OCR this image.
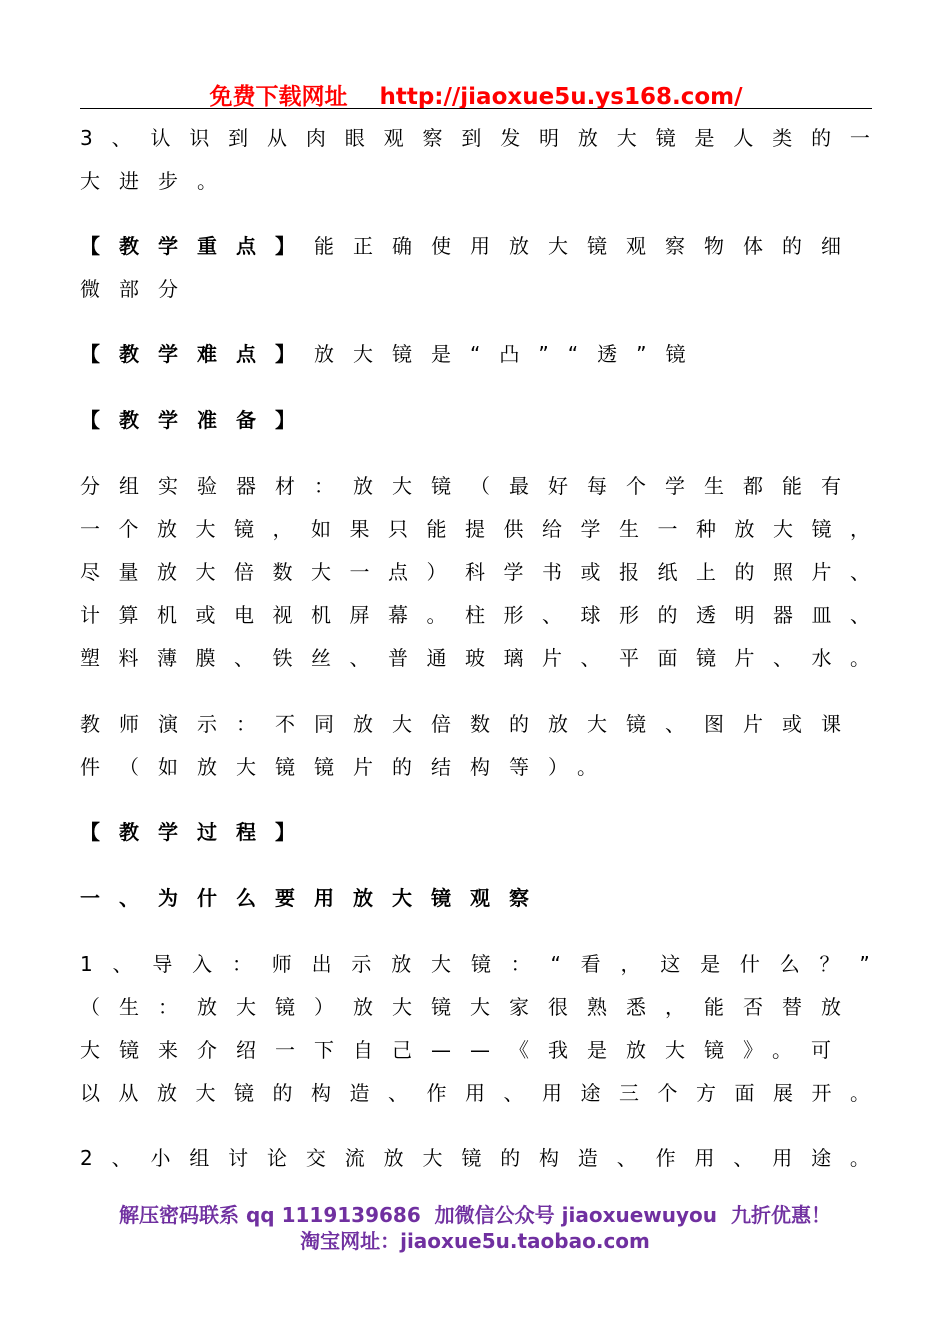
免费下载网址 http://jiaoxue5u.ys168.com/
3 、 认 识 到 从 肉 眼 观 察 到 发 明 放 大 镜 是 人 类 的 一
大进步。
【教学重点】能正确使用放大镜观察物体的细
微部分
【教学难点】放大镜是“凸”“透”镜
【教学准备】
分组实验器材：放大镜（最好每个学生都能有
一 个 放 大 镜 ， 如 果 只 能 提 供 给 学 生 一 种 放 大 镜 ，
尽 量 放 大 倍 数 大 一 点 ） 科 学 书 或 报 纸 上 的 照 片 、
计 算 机 或 电 视 机 屏 幕 。 柱 形 、 球 形 的 透 明 器 皿 、
塑 料 薄 膜 、 铁 丝 、 普 通 玻 璃 片 、 平 面 镜 片 、 水 。
教师演示：不同放大倍数的放大镜、图片或课
件（如放大镜镜片的结构等）。
【教学过程】
一、为什么要用放大镜观察
1 、 导 入 ： 师 出 示 放 大 镜 ： “ 看 ， 这 是 什 么 ？ ”
（生：放大镜）放大镜大家很熟悉，能否替放
大镜来介绍一下自己——《我是放大镜》。可
以 从 放 大 镜 的 构 造 、 作 用 、 用 途 三 个 方 面 展 开 。
2 、 小 组 讨 论 交 流 放 大 镜 的 构 造 、 作 用 、 用 途 。
解压密码联系 qq 1119139686  加微信公众号 jiaoxuewuyou  九折优惠！
淘宝网址：jiaoxue5u.taobao.com
